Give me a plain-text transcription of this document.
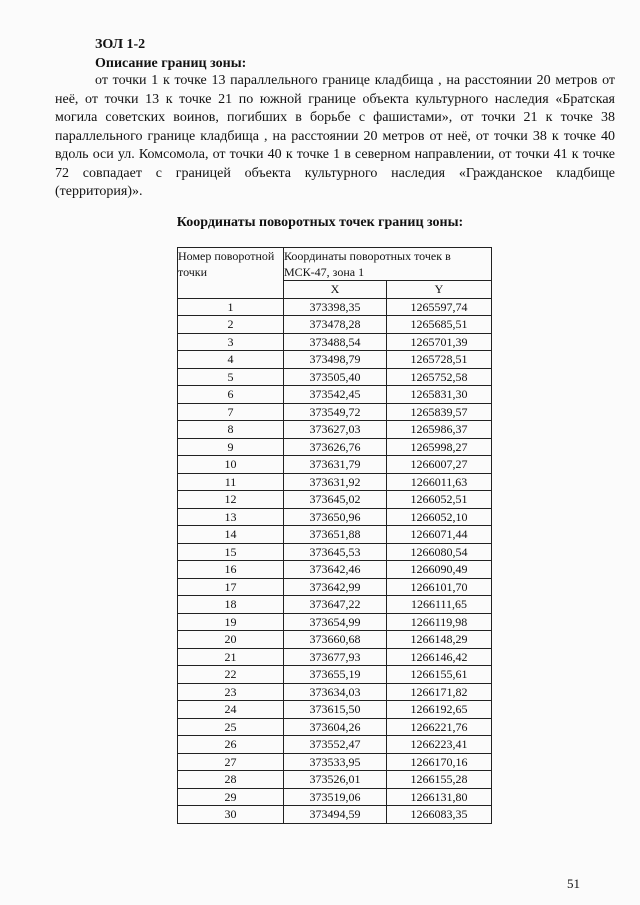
ЗОЛ 1-2

Описание границ зоны:

от точки 1 к точке 13 параллельного границе кладбища , на расстоянии 20 метров от неё, от точки 13 к точке 21 по южной границе объекта культурного наследия «Братская могила советских воинов, погибших в борьбе с фашистами», от точки 21 к точке 38 параллельного границе кладбища , на расстоянии 20 метров от неё, от точки 38 к точке 40 вдоль оси ул. Комсомола, от точки 40 к точке 1 в северном направлении, от точки 41 к точке 72 совпадает с границей объекта культурного наследия «Гражданское кладбище (территория)».

Координаты поворотных точек границ зоны:

Номер поворотной точки	Координаты поворотных точек в МСК-47, зона 1	
	X	Y
1	373398,35	1265597,74
2	373478,28	1265685,51
3	373488,54	1265701,39
4	373498,79	1265728,51
5	373505,40	1265752,58
6	373542,45	1265831,30
7	373549,72	1265839,57
8	373627,03	1265986,37
9	373626,76	1265998,27
10	373631,79	1266007,27
11	373631,92	1266011,63
12	373645,02	1266052,51
13	373650,96	1266052,10
14	373651,88	1266071,44
15	373645,53	1266080,54
16	373642,46	1266090,49
17	373642,99	1266101,70
18	373647,22	1266111,65
19	373654,99	1266119,98
20	373660,68	1266148,29
21	373677,93	1266146,42
22	373655,19	1266155,61
23	373634,03	1266171,82
24	373615,50	1266192,65
25	373604,26	1266221,76
26	373552,47	1266223,41
27	373533,95	1266170,16
28	373526,01	1266155,28
29	373519,06	1266131,80
30	373494,59	1266083,35

51
